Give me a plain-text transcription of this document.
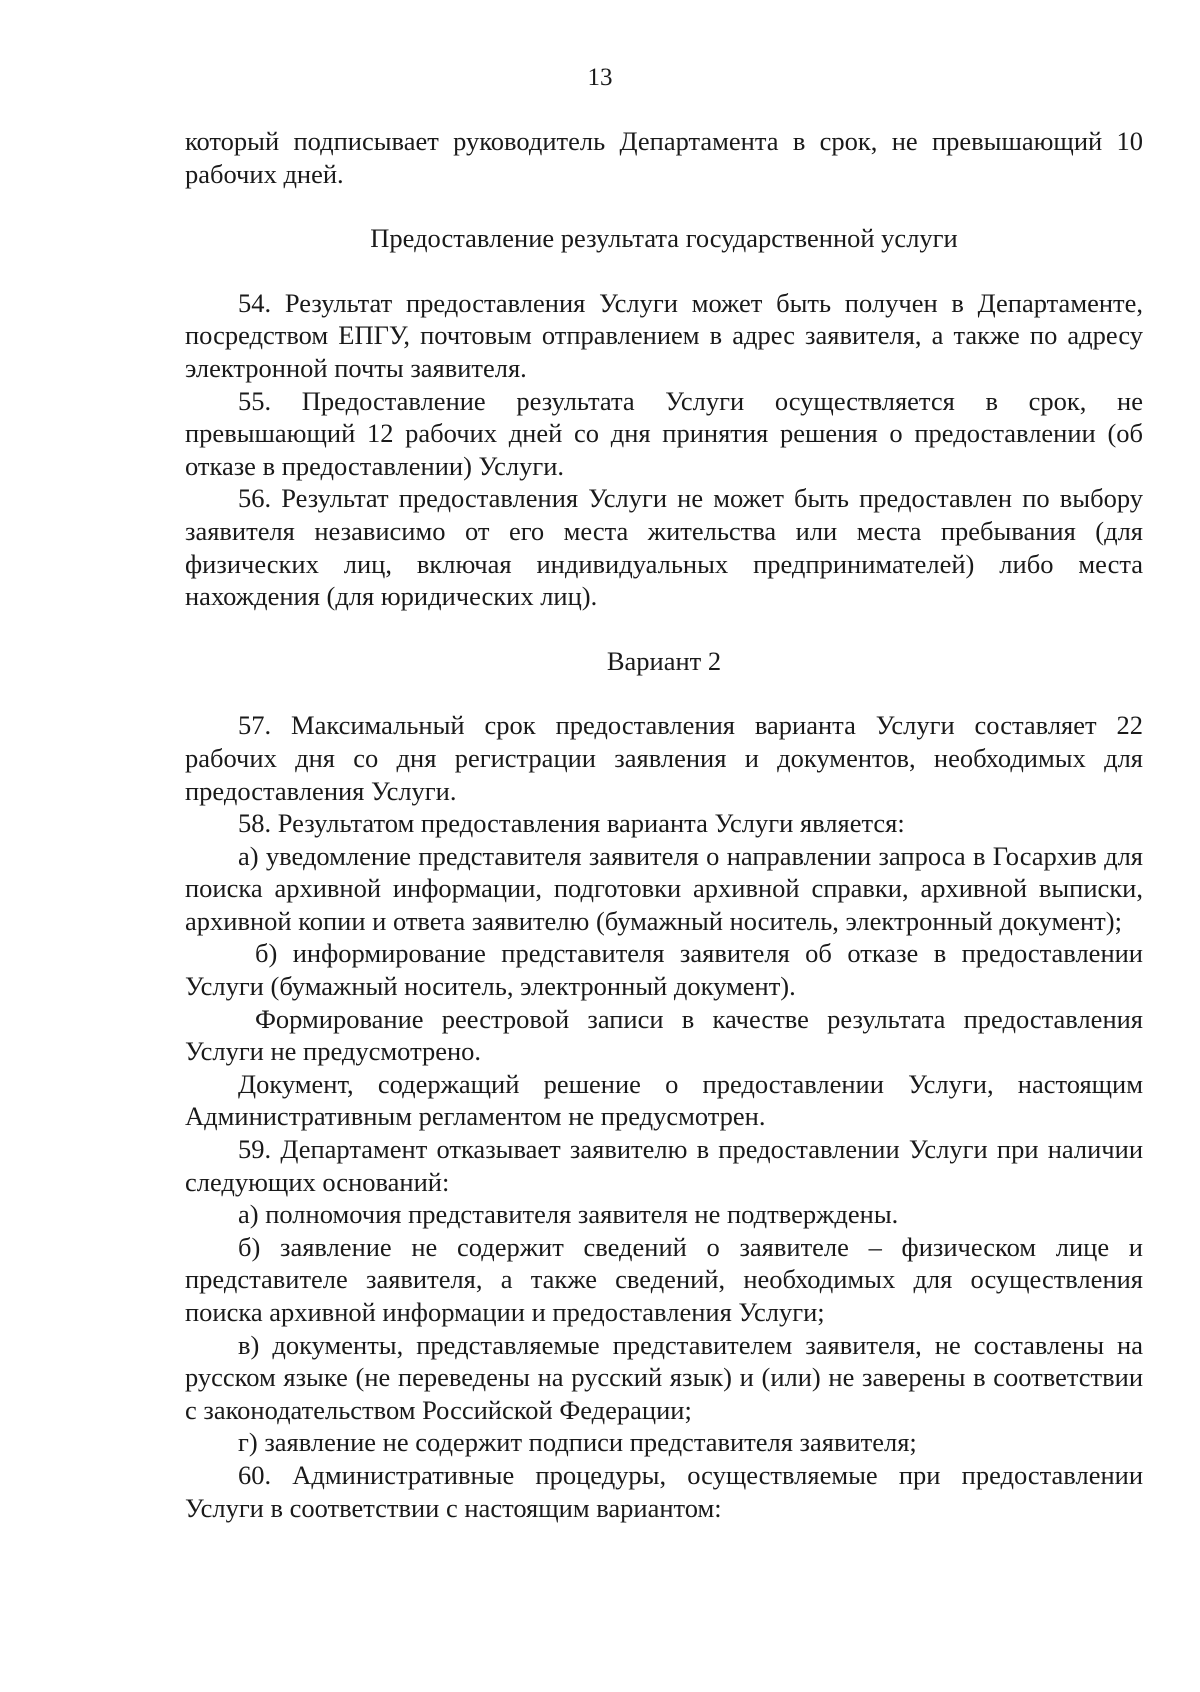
13

который подписывает руководитель Департамента в срок, не превышающий 10 рабочих дней.

Предоставление результата государственной услуги

54. Результат предоставления Услуги может быть получен в Департаменте, посредством ЕПГУ, почтовым отправлением в адрес заявителя, а также по адресу электронной почты заявителя.

55. Предоставление результата Услуги осуществляется в срок, не превышающий 12 рабочих дней со дня принятия решения о предоставлении (об отказе в предоставлении) Услуги.

56. Результат предоставления Услуги не может быть предоставлен по выбору заявителя независимо от его места жительства или места пребывания (для физических лиц, включая индивидуальных предпринимателей) либо места нахождения (для юридических лиц).

Вариант 2

57. Максимальный срок предоставления варианта Услуги составляет 22 рабочих дня со дня регистрации заявления и документов, необходимых для предоставления Услуги.

58. Результатом предоставления варианта Услуги является:

а) уведомление представителя заявителя о направлении запроса в Госархив для поиска архивной информации, подготовки архивной справки, архивной выписки, архивной копии и ответа заявителю (бумажный носитель, электронный документ);

б) информирование представителя заявителя об отказе в предоставлении Услуги (бумажный носитель, электронный документ).

Формирование реестровой записи в качестве результата предоставления Услуги не предусмотрено.

Документ, содержащий решение о предоставлении Услуги, настоящим Административным регламентом не предусмотрен.

59. Департамент отказывает заявителю в предоставлении Услуги при наличии следующих оснований:

а) полномочия представителя заявителя не подтверждены.

б) заявление не содержит сведений о заявителе – физическом лице и представителе заявителя, а также сведений, необходимых для осуществления поиска архивной информации и предоставления Услуги;

в) документы, представляемые представителем заявителя, не составлены на русском языке (не переведены на русский язык) и (или) не заверены в соответствии с законодательством Российской Федерации;

г) заявление не содержит подписи представителя заявителя;

60. Административные процедуры, осуществляемые при предоставлении Услуги в соответствии с настоящим вариантом:
